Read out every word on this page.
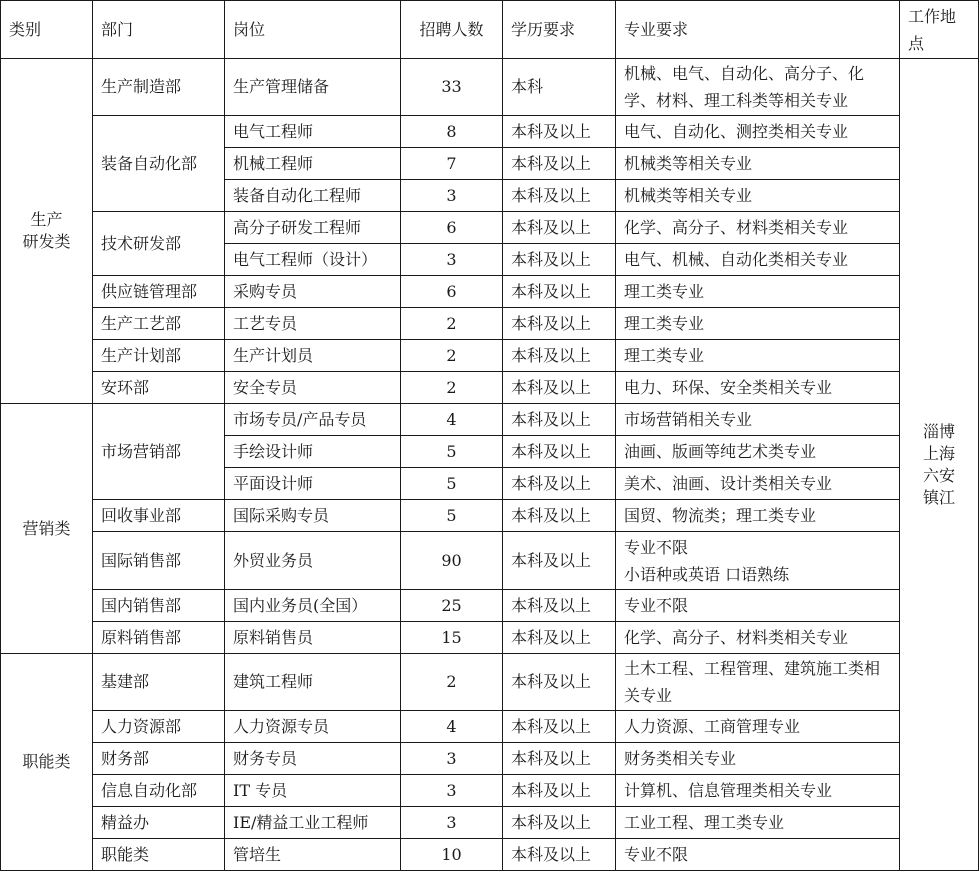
类别	部门	岗位	招聘人数	学历要求	专业要求	工作地
点
生产
研发类	生产制造部	生产管理储备	33	本科	机械、电气、自动化、高分子、化学、材料、理工科类等相关专业	淄博
上海
六安
镇江
	装备自动化部	电气工程师	8	本科及以上	电气、自动化、测控类相关专业	
		机械工程师	7	本科及以上	机械类等相关专业	
		装备自动化工程师	3	本科及以上	机械类等相关专业	
	技术研发部	高分子研发工程师	6	本科及以上	化学、高分子、材料类相关专业	
		电气工程师（设计）	3	本科及以上	电气、机械、自动化类相关专业	
	供应链管理部	采购专员	6	本科及以上	理工类专业	
	生产工艺部	工艺专员	2	本科及以上	理工类专业	
	生产计划部	生产计划员	2	本科及以上	理工类专业	
	安环部	安全专员	2	本科及以上	电力、环保、安全类相关专业	
营销类	市场营销部	市场专员/产品专员	4	本科及以上	市场营销相关专业	
		手绘设计师	5	本科及以上	油画、版画等纯艺术类专业	
		平面设计师	5	本科及以上	美术、油画、设计类相关专业	
	回收事业部	国际采购专员	5	本科及以上	国贸、物流类；理工类专业	
	国际销售部	外贸业务员	90	本科及以上	专业不限
小语种或英语 口语熟练	
	国内销售部	国内业务员(全国）	25	本科及以上	专业不限	
	原料销售部	原料销售员	15	本科及以上	化学、高分子、材料类相关专业	
职能类	基建部	建筑工程师	2	本科及以上	土木工程、工程管理、建筑施工类相关专业	
	人力资源部	人力资源专员	4	本科及以上	人力资源、工商管理专业	
	财务部	财务专员	3	本科及以上	财务类相关专业	
	信息自动化部	IT 专员	3	本科及以上	计算机、信息管理类相关专业	
	精益办	IE/精益工业工程师	3	本科及以上	工业工程、理工类专业	
	职能类	管培生	10	本科及以上	专业不限	
